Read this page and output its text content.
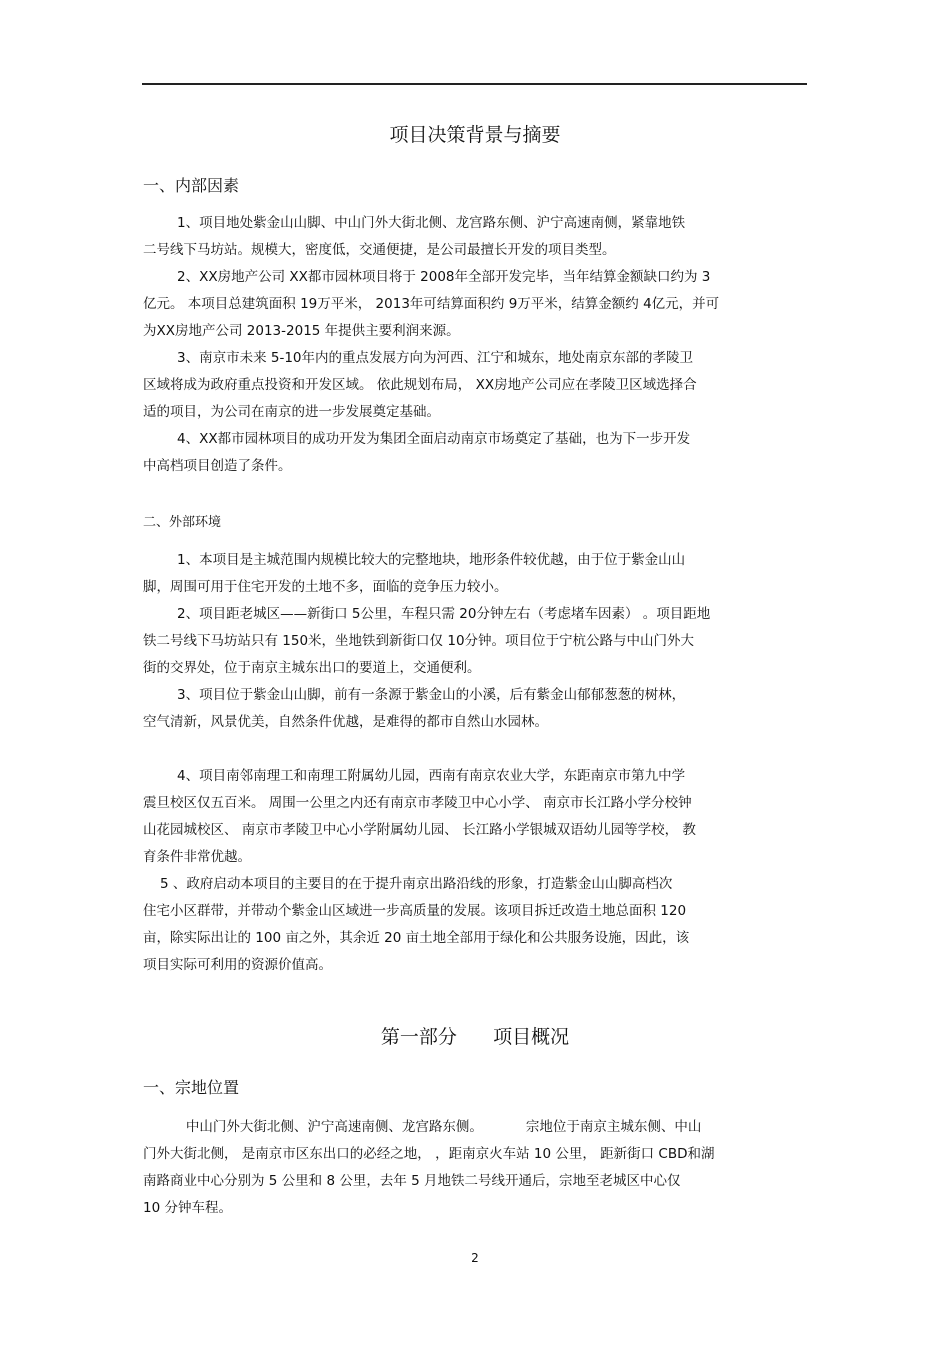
项目决策背景与摘要
一、内部因素
1、项目地处紫金山山脚、中山门外大街北侧、龙宫路东侧、沪宁高速南侧，紧靠地铁
二号线下马坊站。规模大，密度低，交通便捷，是公司最擅长开发的项目类型。
2、XX房地产公司 XX都市园林项目将于 2008年全部开发完毕，当年结算金额缺口约为 3
亿元。 本项目总建筑面积 19万平米， 2013年可结算面积约 9万平米，结算金额约 4亿元，并可
为XX房地产公司 2013-2015 年提供主要利润来源。
3、南京市未来 5-10年内的重点发展方向为河西、江宁和城东，地处南京东部的孝陵卫
区域将成为政府重点投资和开发区域。 依此规划布局， XX房地产公司应在孝陵卫区域选择合
适的项目，为公司在南京的进一步发展奠定基础。
4、XX都市园林项目的成功开发为集团全面启动南京市场奠定了基础，也为下一步开发
中高档项目创造了条件。
二、外部环境
1、本项目是主城范围内规模比较大的完整地块，地形条件较优越，由于位于紫金山山
脚，周围可用于住宅开发的土地不多，面临的竞争压力较小。
2、项目距老城区——新街口 5公里，车程只需 20分钟左右（考虑堵车因素） 。项目距地
铁二号线下马坊站只有 150米，坐地铁到新街口仅 10分钟。项目位于宁杭公路与中山门外大
街的交界处，位于南京主城东出口的要道上，交通便利。
3、项目位于紫金山山脚，前有一条源于紫金山的小溪，后有紫金山郁郁葱葱的树林，
空气清新，风景优美，自然条件优越，是难得的都市自然山水园林。
4、项目南邻南理工和南理工附属幼儿园，西南有南京农业大学，东距南京市第九中学
震旦校区仅五百米。 周围一公里之内还有南京市孝陵卫中心小学、 南京市长江路小学分校钟
山花园城校区、 南京市孝陵卫中心小学附属幼儿园、 长江路小学银城双语幼儿园等学校， 教
育条件非常优越。
5 、政府启动本项目的主要目的在于提升南京出路沿线的形象，打造紫金山山脚高档次
住宅小区群带，并带动个紫金山区域进一步高质量的发展。该项目拆迁改造土地总面积 120
亩，除实际出让的 100 亩之外，其余近 20 亩土地全部用于绿化和公共服务设施，因此，该
项目实际可利用的资源价值高。
第一部分      项目概况
一、宗地位置
中山门外大街北侧、沪宁高速南侧、龙宫路东侧。          宗地位于南京主城东侧、中山
门外大街北侧， 是南京市区东出口的必经之地， ，距南京火车站 10 公里， 距新街口 CBD和湖
南路商业中心分别为 5 公里和 8 公里，去年 5 月地铁二号线开通后，宗地至老城区中心仅
10 分钟车程。
2
